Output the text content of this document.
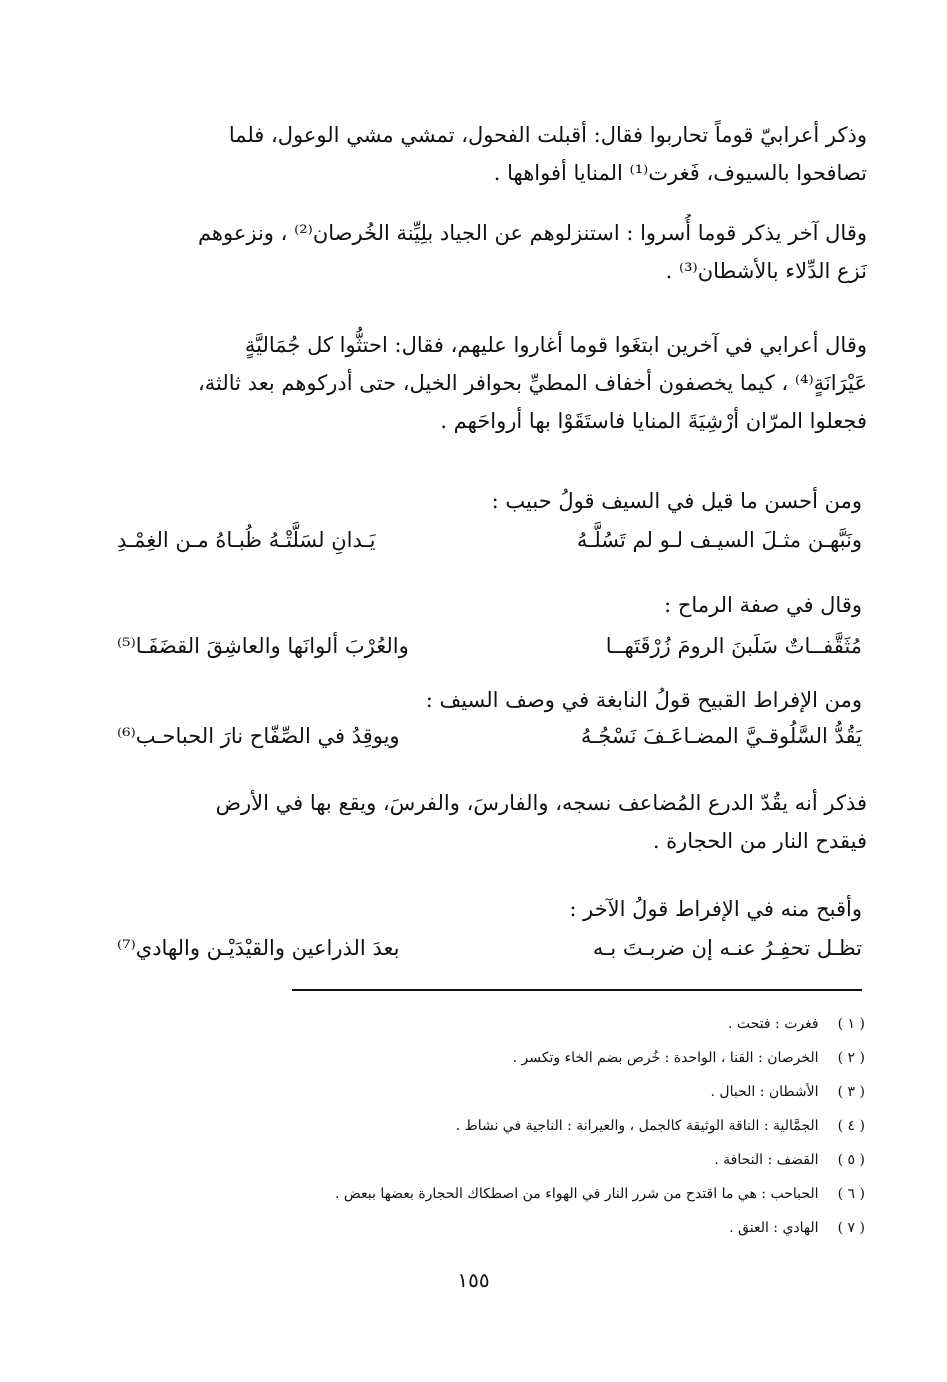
وذكر أعرابيّ قوماً تحاربوا فقال: أقبلت الفحول، تمشي مشي الوعول، فلما
تصافحوا بالسيوف، فَغرت⁽¹⁾ المنايا أفواهها .
وقال آخر يذكر قوما أُسروا : استنزلوهم عن الجياد بلِيِّنة الخُرصان⁽²⁾ ، ونزعوهم
نَزع الدِّلاء بالأشطان⁽³⁾ .
وقال أعرابي في آخرين ابتغَوا قوما أغاروا عليهم، فقال: احتثُّوا كل جُمَاليَّةٍ
عَيْرَانَةٍ⁽⁴⁾ ، كيما يخصفون أخفاف المطيِّ بحوافر الخيل، حتى أدركوهم بعد ثالثة،
فجعلوا المرّان أرْشِيَةَ المنايا فاستَقَوْا بها أرواحَهم .
ومن أحسن ما قيل في السيف قولُ حبيب :
ونَبَّهـن مثـلَ السيـف لـو لم تَسُلَّـهُ
يَـدانِ لسَلَّتْـهُ ظُبـاهُ مـن الغِمْـدِ
وقال في صفة الرماح :
مُثَقَّفــاتٌ سَلَبنَ الرومَ زُرْقَتَهــا
والعُرْبَ ألوانَها والعاشِقَ القضَفَـا⁽⁵⁾
ومن الإفراط القبيح قولُ النابغة في وصف السيف :
يَقُدُّ السَّلُوقـيَّ المضـاعَـفَ نَسْجُـهُ
ويوقِدُ في الصِّفّاح نارَ الحباحـب⁽⁶⁾
فذكر أنه يقُدّ الدرع المُضاعف نسجه، والفارسَ، والفرسَ، ويقع بها في الأرض
فيقدح النار من الحجارة .
وأقبح منه في الإفراط قولُ الآخر :
تظـل تحفِـرُ عنـه إن ضربـتَ بـه
بعدَ الذراعين والقيْدَيْـن والهادي⁽⁷⁾
( ١ ) فغرت : فتحت .
( ٢ ) الخرصان : القنا ، الواحدة : خُرص بضم الخاء وتكسر .
( ٣ ) الأشطان : الحبال .
( ٤ ) الجمَّالية : الناقة الوثيقة كالجمل ، والعيرانة : الناجية في نشاط .
( ٥ ) القضف : النحافة .
( ٦ ) الحباحب : هي ما اقتدح من شرر النار في الهواء من اصطكاك الحجارة بعضها ببعض .
( ٧ ) الهادي : العنق .
١٥٥
